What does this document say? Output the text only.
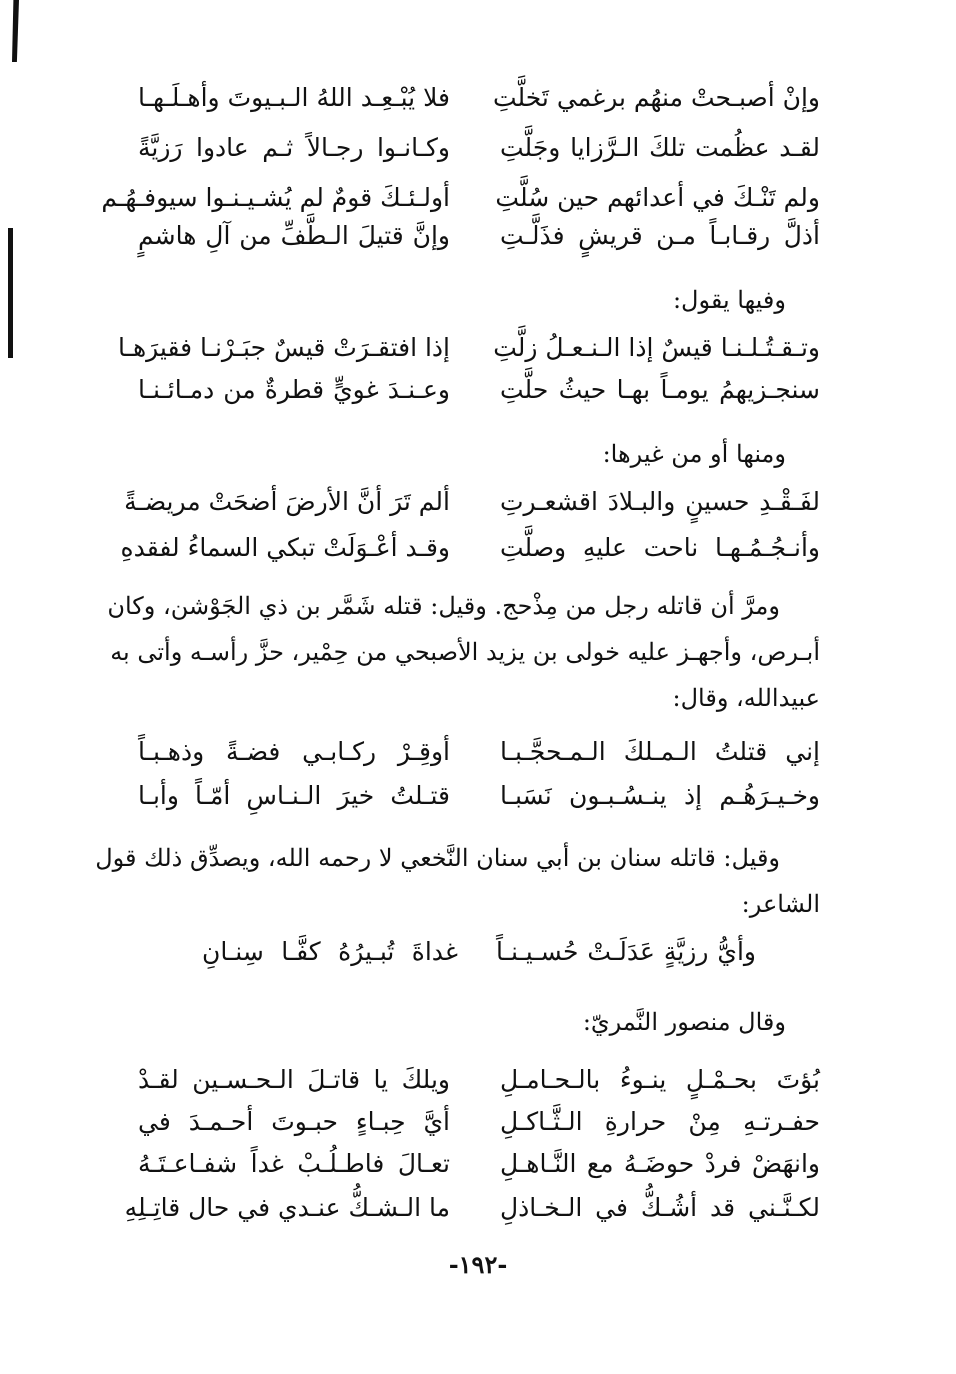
فلا يُبْـعِـد اللهُ الـبـيوتَ وأهـلَـهـا وإنْ أصبـحتْ منهُم برغمي تَخلَّتِ
وكـانـوا رجـالاً ثـم عادوا رَزيَّةً لقـد عظُمت تلكَ الـرَّزايا وجَلَّتِ
أولـئـكَ قومٌ لم يُشـيـنـوا سيوفـهُـم ولم تَنْـكَ في أعدائهم حين سُلَّتِ
وإنَّ قتيلَ الـطَّفِّ من آلِ هاشمٍ أذلَّ رقـابـاً مـن قريشٍ فذَلَّـتِ
وفيها يقول:
إذا افتقـرَتْ قيسٌ جبَـرْنـا فقيرَهـا وتـقـتُـلـنـا قيسٌ إذا الـنـعـلُ زلَّتِ
وعـنـدَ غويٍّ قطرةٌ من دمـائـنـا سنجـزيهمُ يومـاً بهـا حيثُ حلَّتِ
ومنها أو من غيرها:
ألم تَرَ أنَّ الأرضَ أضحَتْ مريضـةً لفَـقْـدِ حسينٍ والبـلادَ اقشعـرتِ
وقـد أعْـوَلَتْ تبكي السماءُ لفقدهِ وأنـجُـمُـهـا ناحت عليهِ وصلَّتِ
ومرَّ أن قاتله رجل من مِذْحج. وقيل: قتله شَمَّر بن ذي الجَوْشن، وكان
أبـرص، وأجهـز عليه خولى بن يزيد الأصبحي من حِمْير، حزَّ رأسـه وأتى به
عبيدالله، وقال:
أوقِـرْ ركـابـي فضـةً وذهـبـاً إني قتلتُ الـمـلكَ الـمـحجَّـبـا
قتـلتُ خيرَ الـنـاسِ أمّـاً وأبـا وخـيـرَهُـم إذ ينـسُـبـون نَسَبـا
وقيل: قاتله سنان بن أبي سنان النَّخعي لا رحمه الله، ويصدِّق ذلك قول
الشاعر:
وأيُّ رزيَّةٍ عَدَلَـتْ حُسـيـنـاً
غداةَ تُبـيرُهُ كفَّـا سِنـانِ
وقال منصور النَّمريّ:
ويلكَ يا قاتـلَ الـحـسـين لقـدْ بُؤتَ بحـمْـلٍ ينـوءُ بالـحـامـلِ
أيَّ حِبـاءٍ حبـوتَ أحـمـدَ في حفـرتـهِ مِنْ حرارةِ الـثَّـاكـلِ
تعـالَ فاطـلُـبْ غداً شفـاعـتَـهُ وانهَضْ فردْ حوضَـهُ مع النَّـاهـلِ
ما الـشـكُّ عنـدي في حال قاتِـلِهِ لكـنَّـني قد أشُـكُّ في الـخـاذلِ
-١٩٢-
